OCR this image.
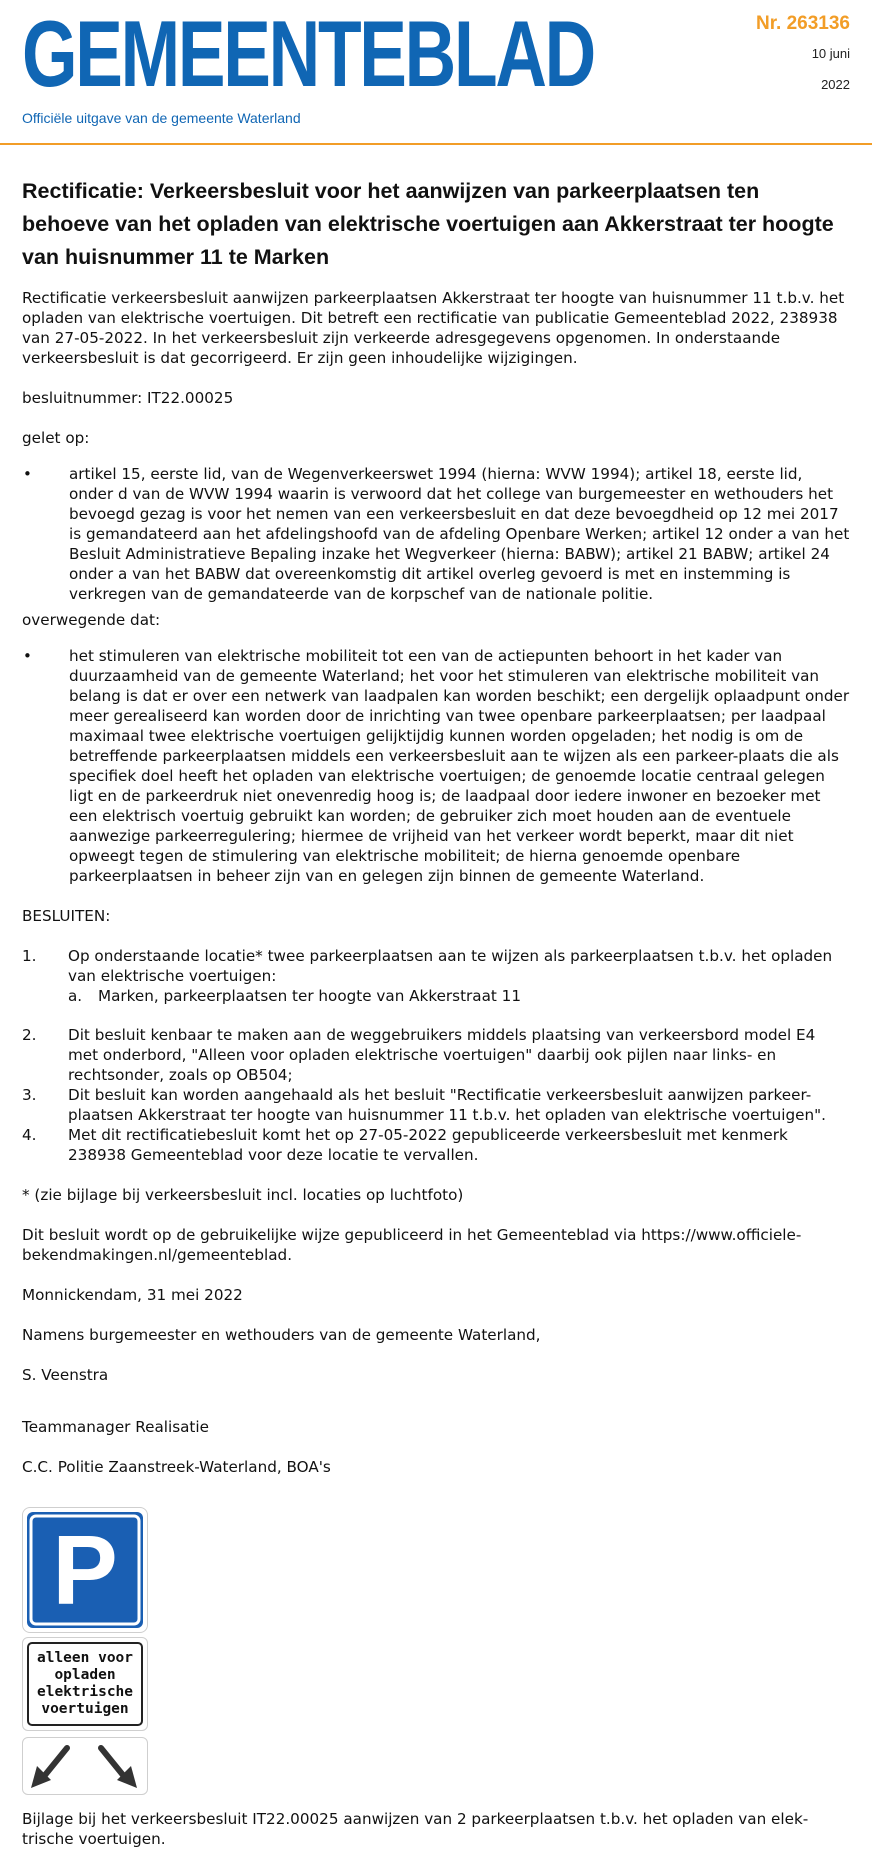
GEMEENTEBLAD
Officiële uitgave van de gemeente Waterland
Nr. 263136
10 juni
2022
Rectificatie: Verkeersbesluit voor het aanwijzen van parkeerplaatsen ten behoeve van het opladen van elektrische voertuigen aan Akkerstraat ter hoogte van huisnummer 11 te Marken

Rectificatie verkeersbesluit aanwijzen parkeerplaatsen Akkerstraat ter hoogte van huisnummer 11 t.b.v. het opladen van elektrische voertuigen. Dit betreft een rectificatie van publicatie Gemeenteblad 2022, 238938 van 27-05-2022. In het verkeersbesluit zijn verkeerde adresgegevens opgenomen. In onderstaande verkeersbesluit is dat gecorrigeerd. Er zijn geen inhoudelijke wijzigingen.

besluitnummer: IT22.00025

gelet op:

•	artikel 15, eerste lid, van de Wegenverkeerswet 1994 (hierna: WVW 1994); artikel 18, eerste lid, onder d van de WVW 1994 waarin is verwoord dat het college van burgemeester en wethouders het bevoegd gezag is voor het nemen van een verkeersbesluit en dat deze bevoegdheid op 12 mei 2017 is gemandateerd aan het afdelingshoofd van de afdeling Openbare Werken; artikel 12 onder a van het Besluit Administratieve Bepaling inzake het Wegverkeer (hierna: BABW); artikel 21 BABW; artikel 24 onder a van het BABW dat overeenkomstig dit artikel overleg gevoerd is met en instemming is verkregen van de gemandateerde van de korpschef van de nationale politie.

overwegende dat:

•	het stimuleren van elektrische mobiliteit tot een van de actiepunten behoort in het kader van duurzaamheid van de gemeente Waterland; het voor het stimuleren van elektrische mobiliteit van belang is dat er over een netwerk van laadpalen kan worden beschikt; een dergelijk oplaadpunt onder meer gerealiseerd kan worden door de inrichting van twee openbare parkeerplaatsen; per laadpaal maximaal twee elektrische voertuigen gelijktijdig kunnen worden opgeladen; het nodig is om de betreffende parkeerplaatsen middels een verkeersbesluit aan te wijzen als een parkeer-plaats die als specifiek doel heeft het opladen van elektrische voertuigen; de genoemde locatie centraal gelegen ligt en de parkeerdruk niet onevenredig hoog is; de laadpaal door iedere inwoner en bezoeker met een elektrisch voertuig gebruikt kan worden; de gebruiker zich moet houden aan de eventuele aanwezige parkeerregulering; hiermee de vrijheid van het verkeer wordt beperkt, maar dit niet opweegt tegen de stimulering van elektrische mobiliteit; de hierna genoemde openbare parkeerplaatsen in beheer zijn van en gelegen zijn binnen de gemeente Waterland.

BESLUITEN:

1.	Op onderstaande locatie* twee parkeerplaatsen aan te wijzen als parkeerplaatsen t.b.v. het opladen van elektrische voertuigen:
a.	Marken, parkeerplaatsen ter hoogte van Akkerstraat 11
2.	Dit besluit kenbaar te maken aan de weggebruikers middels plaatsing van verkeersbord model E4 met onderbord, "Alleen voor opladen elektrische voertuigen" daarbij ook pijlen naar links- en rechtsonder, zoals op OB504;
3.	Dit besluit kan worden aangehaald als het besluit "Rectificatie verkeersbesluit aanwijzen parkeer-plaatsen Akkerstraat ter hoogte van huisnummer 11 t.b.v. het opladen van elektrische voertuigen".
4.	Met dit rectificatiebesluit komt het op 27-05-2022 gepubliceerde verkeersbesluit met kenmerk 238938 Gemeenteblad voor deze locatie te vervallen.

* (zie bijlage bij verkeersbesluit incl. locaties op luchtfoto)

Dit besluit wordt op de gebruikelijke wijze gepubliceerd in het Gemeenteblad via https://www.officiele-bekendmakingen.nl/gemeenteblad.

Monnickendam, 31 mei 2022

Namens burgemeester en wethouders van de gemeente Waterland,

S. Veenstra

Teammanager Realisatie

C.C. Politie Zaanstreek-Waterland, BOA's

P
alleen voor
opladen
elektrische
voertuigen

Bijlage bij het verkeersbesluit IT22.00025 aanwijzen van 2 parkeerplaatsen t.b.v. het opladen van elek-trische voertuigen.
